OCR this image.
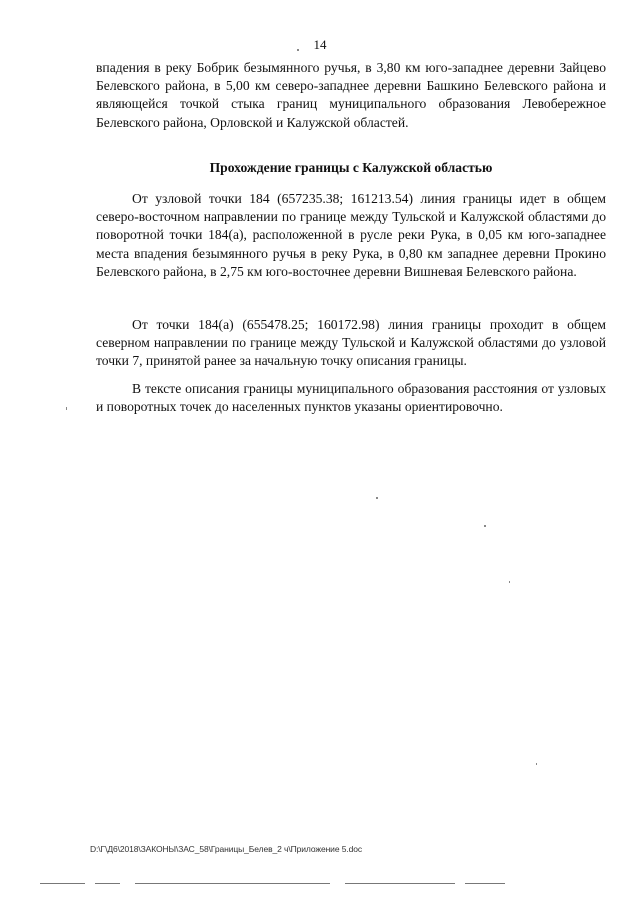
14

впадения в реку Бобрик безымянного ручья, в 3,80 км юго-западнее деревни Зайцево Белевского района, в 5,00 км северо-западнее деревни Башкино Белевского района и являющейся точкой стыка границ муниципального образования Левобережное Белевского района, Орловской и Калужской областей.

Прохождение границы с Калужской областью

От узловой точки 184 (657235.38; 161213.54) линия границы идет в общем северо-восточном направлении по границе между Тульской и Калужской областями до поворотной точки 184(а), расположенной в русле реки Рука, в 0,05 км юго-западнее места впадения безымянного ручья в реку Рука, в 0,80 км западнее деревни Прокино Белевского района, в 2,75 км юго-восточнее деревни Вишневая Белевского района.

От точки 184(а) (655478.25; 160172.98) линия границы проходит в общем северном направлении по границе между Тульской и Калужской областями до узловой точки 7, принятой ранее за начальную точку описания границы.

В тексте описания границы муниципального образования расстояния от узловых и поворотных точек до населенных пунктов указаны ориентировочно.

D:\Г\Д6\2018\ЗАКОНЫ\ЗАС_58\Границы_Белев_2 ч\Приложение 5.doc
